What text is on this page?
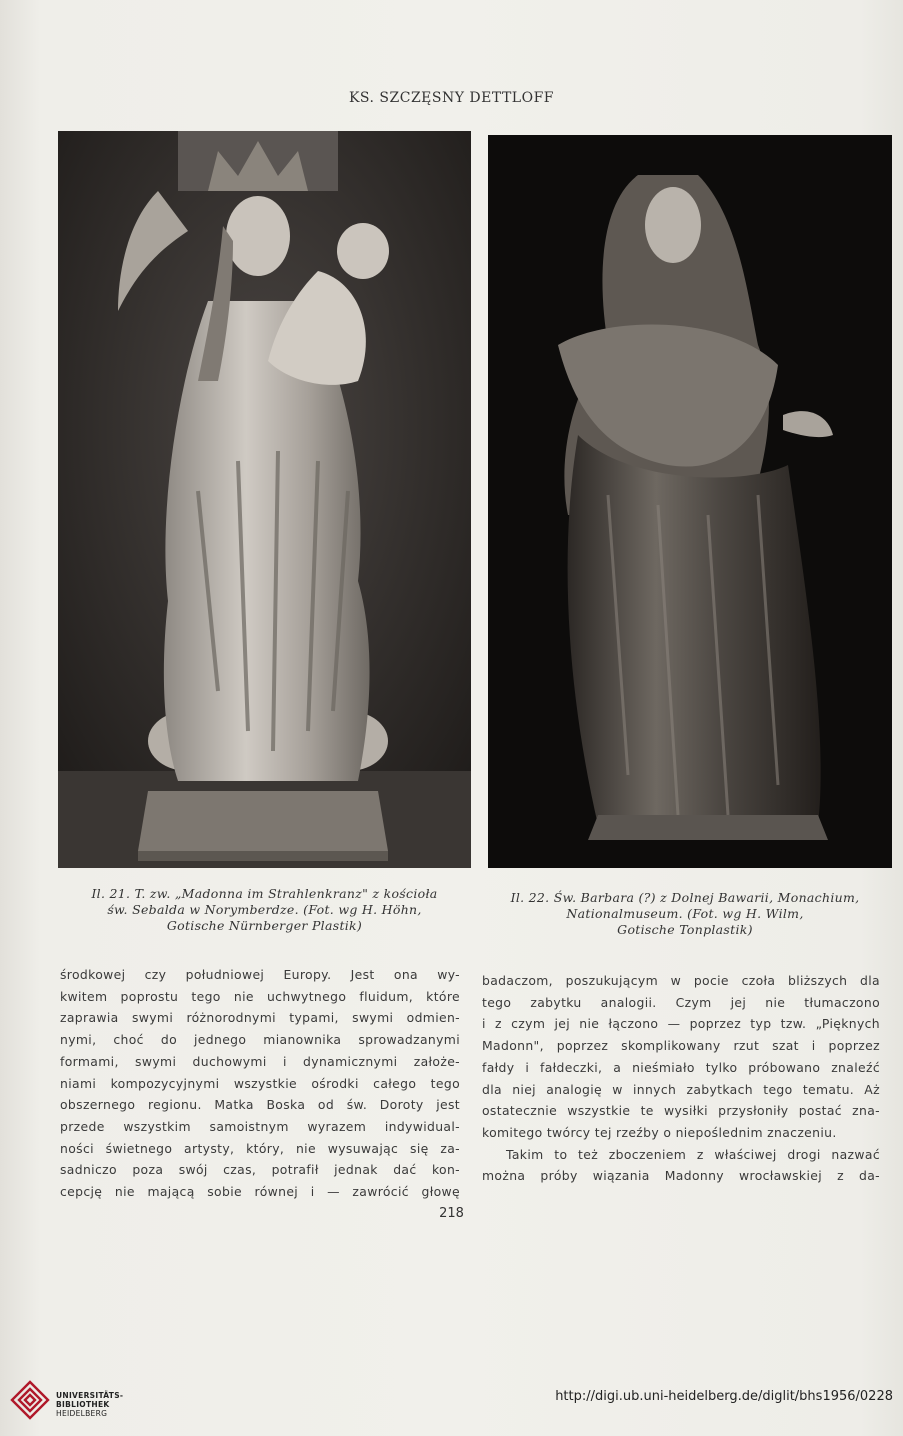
KS. SZCZĘSNY DETTLOFF
Il. 21. T. zw. „Madonna im Strahlenkranz" z kościoła
św. Sebalda w Norymberdze. (Fot. wg H. Höhn,
Gotische Nürnberger Plastik)
Il. 22. Św. Barbara (?) z Dolnej Bawarii, Monachium,
Nationalmuseum. (Fot. wg H. Wilm,
Gotische Tonplastik)
środkowej czy południowej Europy. Jest ona wy-
kwitem poprostu tego nie uchwytnego fluidum, które
zaprawia swymi różnorodnymi typami, swymi odmien-
nymi, choć do jednego mianownika sprowadzanymi
formami, swymi duchowymi i dynamicznymi założe-
niami kompozycyjnymi wszystkie ośrodki całego tego
obszernego regionu. Matka Boska od św. Doroty jest
przede wszystkim samoistnym wyrazem indywidual-
ności świetnego artysty, który, nie wysuwając się za-
sadniczo poza swój czas, potrafił jednak dać kon-
cepcję nie mającą sobie równej i — zawrócić głowę
badaczom, poszukującym w pocie czoła bliższych dla
tego zabytku analogii. Czym jej nie tłumaczono
i z czym jej nie łączono — poprzez typ tzw. „Pięknych
Madonn", poprzez skomplikowany rzut szat i poprzez
fałdy i fałdeczki, a nieśmiało tylko próbowano znaleźć
dla niej analogię w innych zabytkach tego tematu. Aż
ostatecznie wszystkie te wysiłki przysłoniły postać zna-
komitego twórcy tej rzeźby o niepoślednim znaczeniu.
Takim to też zboczeniem z właściwej drogi nazwać
można próby wiązania Madonny wrocławskiej z da-
218
UNIVERSITÄTS-
BIBLIOTHEK
HEIDELBERG
http://digi.ub.uni-heidelberg.de/diglit/bhs1956/0228
